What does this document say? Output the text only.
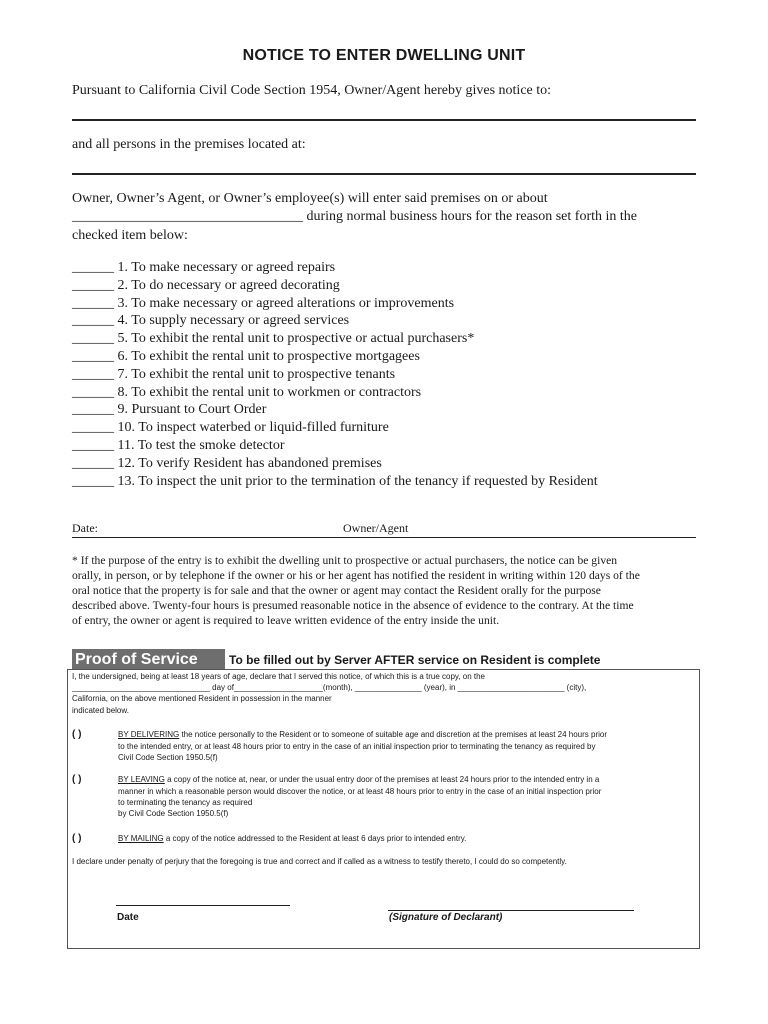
NOTICE TO ENTER DWELLING UNIT
Pursuant to California Civil Code Section 1954, Owner/Agent hereby gives notice to:
and all persons in the premises located at:
Owner, Owner’s Agent, or Owner’s employee(s) will enter said premises on or about
_________________________________ during normal business hours for the reason set forth in the
checked item below:
______ 1. To make necessary or agreed repairs
______ 2. To do necessary or agreed decorating
______ 3. To make necessary or agreed alterations or improvements
______ 4. To supply necessary or agreed services
______ 5. To exhibit the rental unit to prospective or actual purchasers*
______ 6. To exhibit the rental unit to prospective mortgagees
______ 7. To exhibit the rental unit to prospective tenants
______ 8. To exhibit the rental unit to workmen or contractors
______ 9. Pursuant to Court Order
______ 10. To inspect waterbed or liquid-filled furniture
______ 11. To test the smoke detector
______ 12. To verify Resident has abandoned premises
______ 13. To inspect the unit prior to the termination of the tenancy if requested by Resident
Date:	Owner/Agent
* If the purpose of the entry is to exhibit the dwelling unit to prospective or actual purchasers, the notice can be given
orally, in person, or by telephone if the owner or his or her agent has notified the resident in writing within 120 days of the
oral notice that the property is for sale and that the owner or agent may contact the Resident orally for the purpose
described above. Twenty-four hours is presumed reasonable notice in the absence of evidence to the contrary. At the time
of entry, the owner or agent is required to leave written evidence of the entry inside the unit.
Proof of Service	To be filled out by Server AFTER service on Resident is complete
I, the undersigned, being at least 18 years of age, declare that I served this notice, of which this is a true copy, on the
_______________________________ day of____________________(month), _______________ (year), in ________________________ (city),
California, on the above mentioned Resident in possession in the manner
indicated below.
( )	BY DELIVERING the notice personally to the Resident or to someone of suitable age and discretion at the premises at least 24 hours prior
to the intended entry, or at least 48 hours prior to entry in the case of an initial inspection prior to terminating the tenancy as required by
Civil Code Section 1950.5(f)
( )	BY LEAVING a copy of the notice at, near, or under the usual entry door of the premises at least 24 hours prior to the intended entry in a
manner in which a reasonable person would discover the notice, or at least 48 hours prior to entry in the case of an initial inspection prior
to terminating the tenancy as required
by Civil Code Section 1950.5(f)
( )	BY MAILING a copy of the notice addressed to the Resident at least 6 days prior to intended entry.
I declare under penalty of perjury that the foregoing is true and correct and if called as a witness to testify thereto, I could do so competently.
Date	(Signature of Declarant)
